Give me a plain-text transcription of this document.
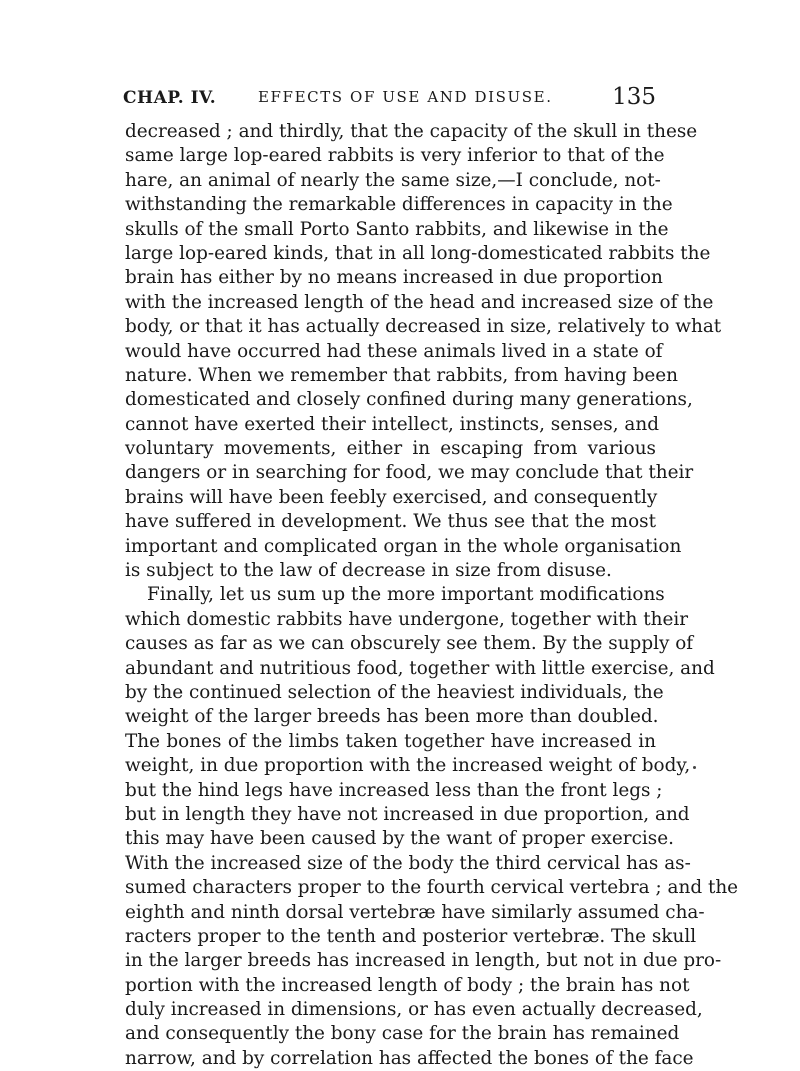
CHAP. IV.	EFFECTS OF USE AND DISUSE.	135
decreased ; and thirdly, that the capacity of the skull in these
same large lop-eared rabbits is very inferior to that of the
hare, an animal of nearly the same size,—I conclude, not-
withstanding the remarkable differences in capacity in the
skulls of the small Porto Santo rabbits, and likewise in the
large lop-eared kinds, that in all long-domesticated rabbits the
brain has either by no means increased in due proportion
with the increased length of the head and increased size of the
body, or that it has actually decreased in size, relatively to what
would have occurred had these animals lived in a state of
nature. When we remember that rabbits, from having been
domesticated and closely confined during many generations,
cannot have exerted their intellect, instincts, senses, and
voluntary movements, either in escaping from various
dangers or in searching for food, we may conclude that their
brains will have been feebly exercised, and consequently
have suffered in development. We thus see that the most
important and complicated organ in the whole organisation
is subject to the law of decrease in size from disuse.
Finally, let us sum up the more important modifications
which domestic rabbits have undergone, together with their
causes as far as we can obscurely see them. By the supply of
abundant and nutritious food, together with little exercise, and
by the continued selection of the heaviest individuals, the
weight of the larger breeds has been more than doubled.
The bones of the limbs taken together have increased in
weight, in due proportion with the increased weight of body,
but the hind legs have increased less than the front legs ;
but in length they have not increased in due proportion, and
this may have been caused by the want of proper exercise.
With the increased size of the body the third cervical has as-
sumed characters proper to the fourth cervical vertebra ; and the
eighth and ninth dorsal vertebræ have similarly assumed cha-
racters proper to the tenth and posterior vertebræ. The skull
in the larger breeds has increased in length, but not in due pro-
portion with the increased length of body ; the brain has not
duly increased in dimensions, or has even actually decreased,
and consequently the bony case for the brain has remained
narrow, and by correlation has affected the bones of the face
